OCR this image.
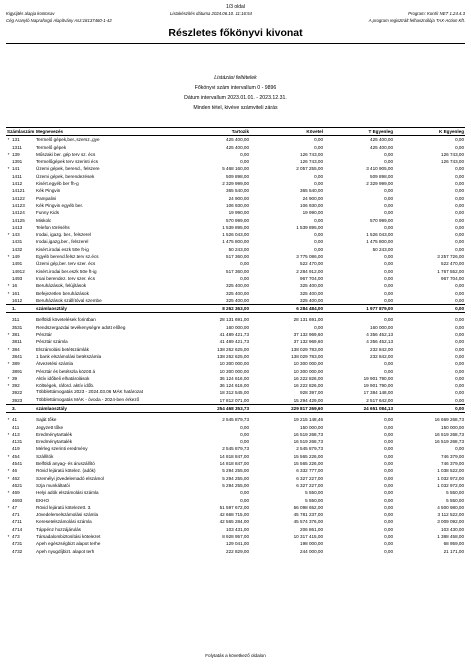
1/3 oldal
Kigyújtés alapja kontosav	Listakészítés dátuma 2024.06.10. 11:16:54	Program: Kontír NET 1.24.4.3
Cég Aranyló Napraforgó Alapítvány Asz:18137460-1-42	A program regisztrált felhasználója TAX-Action Kft.
Részletes főkönyvi kivonat
Listázási feltételek
Főkönyvi szám intervallum 0 - 9896
Dátum intervallum 2023.01.01. - 2023.12.31.
Minden tétel, kivéve számviteli zárás
Számlaszám		Megnevezés	Tartozik	Követel	T Egyenleg	K Egyenleg
*	131	Termelő gépek,ber.,szersz.,gye	425 400,00	0,00	425 400,00	0,00
	1311	Termelő gépek	425 400,00	0,00	425 400,00	0,00
*	139	Műszaki ber. gép terv sz. écs	0,00	126 743,00	0,00	126 743,00
	1391	Termelőgépek terv szerinti écs	0,00	126 743,00	0,00	126 743,00
*	141	Üzemi gépek, berend., felszere	5 468 160,00	2 057 255,00	3 410 905,00	0,00
	1411	Üzemi gépek, berendezések	509 898,00	0,00	509 898,00	0,00
	1412	Kisért.egyéb ber fh-g	2 329 999,00	0,00	2 329 999,00	0,00
	14121	Kék Pingvin	365 540,00	365 540,00	0,00	0,00
	14122	Pampalini	24 900,00	24 900,00	0,00	0,00
	14123	Kék Pingvin egyéb ber.	106 930,00	106 930,00	0,00	0,00
	14124	Funny Kids	19 990,00	19 990,00	0,00	0,00
	14125	Miskolc	570 999,00	0,00	570 999,00	0,00
	1413	Telefon töréséhs	1 539 895,00	1 539 895,00	0,00	0,00
*	143	Irodai, igazg. ber., felszerel	1 526 043,00	0,00	1 526 043,00	0,00
	1431	Irodai,igazg.ber., felszerel	1 475 800,00	0,00	1 475 800,00	0,00
	1432	Kisért.irodai eszk 50e ft-ig	50 243,00	0,00	50 243,00	0,00
*	149	Egyéb berend.felsz.terv sz.écs	517 360,00	3 775 086,00	0,00	3 257 726,00
	1491	Üzemi gép,ber. terv szer. écs	0,00	522 470,00	0,00	522 470,00
	14912	Kisért.irodai ber.eszk 50e ft-ig	517 360,00	2 284 912,00	0,00	1 767 552,00
	1493	Iroai berendez. terv szer. écs	0,00	967 704,00	0,00	967 704,00
*	16	Beruházások, felújítások	325 400,00	325 400,00	0,00	0,00
*	161	Befejezetlen beruházások	325 400,00	325 400,00	0,00	0,00
	1612	Beruházások szállítóval szembe	325 400,00	325 400,00	0,00	0,00
	1.	számlaosztály	8 262 363,00	6 284 484,00	1 977 879,00	0,00

	311	Belföldi követelések forintban	28 131 691,00	28 131 691,00	0,00	0,00
	3531	Rendszergazdai tevékenységre adott előleg	160 000,00	0,00	160 000,00	0,00
*	381	Pénztár	41 489 421,73	37 132 969,60	4 356 452,13	0,00
	3811	Pénztár számla	41 489 421,73	37 132 969,60	4 356 452,13	0,00
*	384	Elszámolási betétszámlák	138 262 625,00	138 029 783,00	232 842,00	0,00
	3841	1 bank elszámolási betétszámla	138 262 625,00	138 029 783,00	232 842,00	0,00
*	389	Átvezetési számla	10 300 000,00	10 300 000,00	0,00	0,00
	3891	Pénztár és betétszla között á	10 300 000,00	10 300 000,00	0,00	0,00
*	39	Aktív időbeli elhatárolások	36 124 616,00	16 222 826,00	19 901 790,00	0,00
*	392	Költségek, ráford. aktív időb.	36 124 616,00	16 222 826,00	19 901 790,00	0,00
	3922	Többlettámogatás 2023 - 2024.03.06 MÁK határozat	18 312 545,00	928 397,00	17 384 148,00	0,00
	3923	Többlettámogatás MÁK - óvoda - 2024-ben érkező	17 812 071,00	15 294 429,00	2 517 642,00	0,00
	3.	számlaosztály	254 468 353,73	229 817 269,60	24 651 084,13	0,00

*	41	Saját tőke	2 545 879,73	19 215 148,46	0,00	16 669 268,73
	411	Jegyzett tőke	0,00	150 000,00	0,00	150 000,00
*	413	Eredménytartalék	0,00	16 519 268,73	0,00	16 519 268,73
	4131	Eredménytartalék	0,00	16 519 268,73	0,00	16 519 268,73
	419	Mérleg szerinti eredmény	2 545 879,73	2 545 879,73	0,00	0,00
*	454	Szállítók	14 818 847,00	15 565 226,00	0,00	746 379,00
	4541	Belföldi anyag- és áruszállító	14 818 847,00	15 565 226,00	0,00	746 379,00
*	46	Rövid lejáratú kötelez. (adók)	5 294 255,00	6 332 777,00	0,00	1 038 522,00
*	462	Személyi jövedelemadó elszámol	5 294 255,00	6 327 227,00	0,00	1 032 972,00
	4621	Szja munkáltatói	5 294 255,00	6 327 227,00	0,00	1 032 972,00
*	469	Helyi adók elszámolási számla	0,00	5 550,00	0,00	5 550,00
	4693	EKHO	0,00	5 550,00	0,00	5 550,00
*	47	Rövid lejáratú kötelezett. 3.	51 597 672,00	56 098 652,00	0,00	4 500 980,00
	471	Jövedelemelszámolási számla	42 668 715,00	45 781 237,00	0,00	3 112 522,00
	4711	Keresetelszámolási számla	42 565 284,00	45 574 376,00	0,00	3 009 092,00
	4714	Táppénz hozzájárulás	103 431,00	206 861,00	0,00	103 430,00
*	473	Társadalombiztosítási kötelezet	8 928 957,00	10 317 415,00	0,00	1 388 458,00
	4731	Apeh egészségbizt alapot terhe	129 041,00	198 000,00	0,00	68 959,00
	4732	Apeh nyugdíjbizt. alapot terh	222 829,00	244 000,00	0,00	21 171,00
Folytatás a következő oldalon
